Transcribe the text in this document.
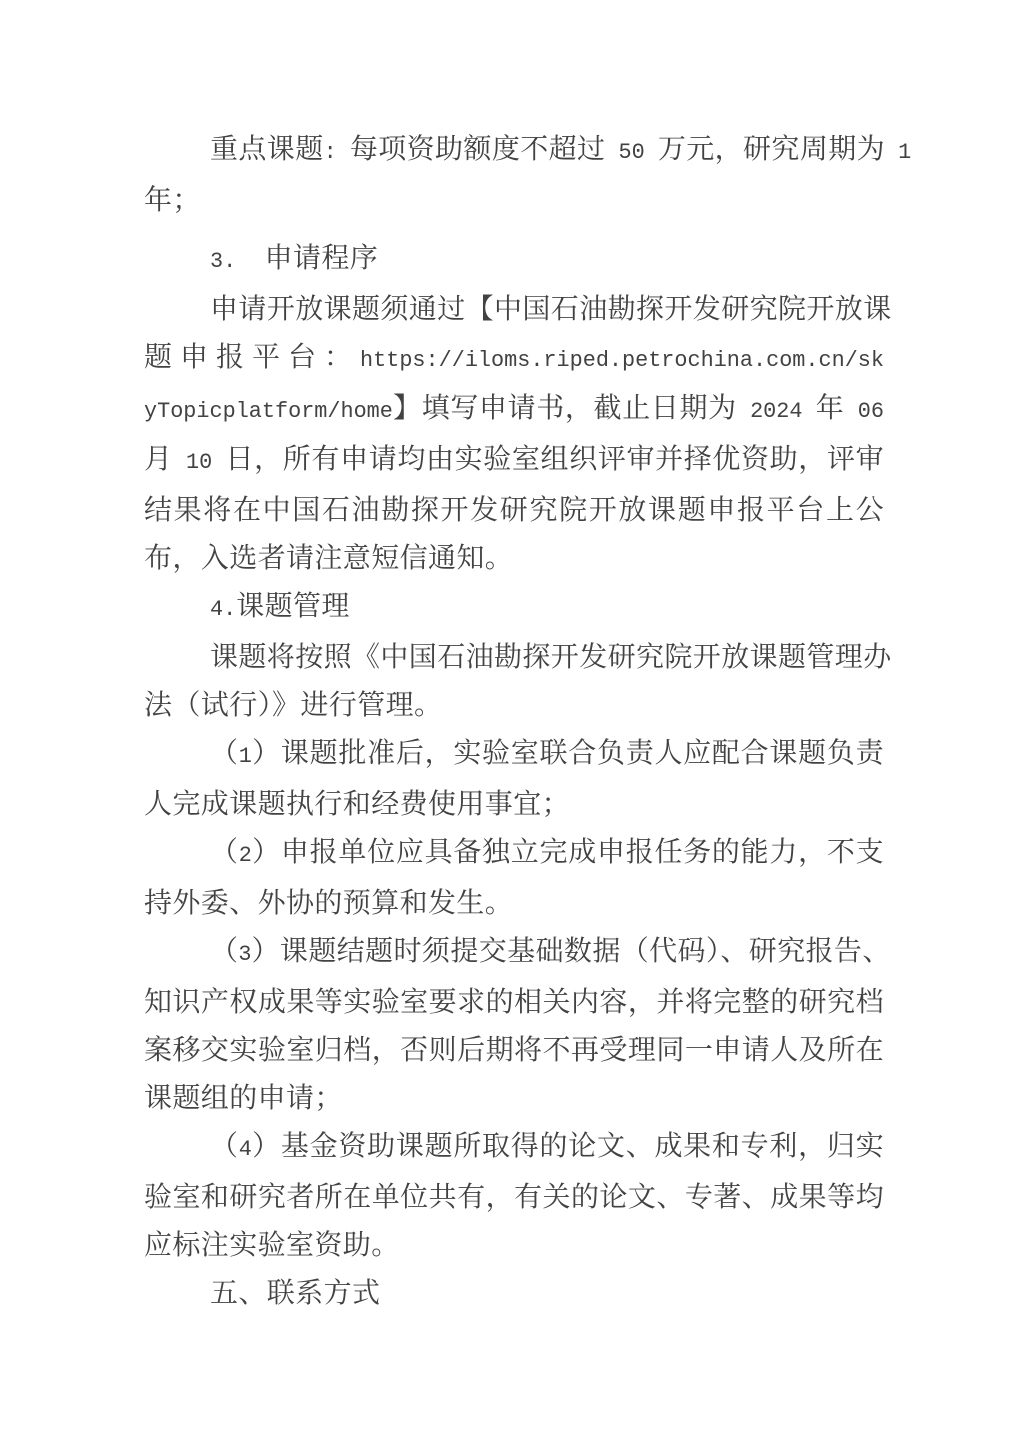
重点课题: 每项资助额度不超过 50 万元，研究周期为 1
年；
3.　申请程序
申请开放课题须通过【中国石油勘探开发研究院开放课
题申报平台：https://iloms.riped.petrochina.com.cn/sk
yTopicplatform/home】填写申请书，截止日期为 2024 年 06
月 10 日，所有申请均由实验室组织评审并择优资助，评审
结果将在中国石油勘探开发研究院开放课题申报平台上公
布，入选者请注意短信通知。
4.课题管理
课题将按照《中国石油勘探开发研究院开放课题管理办
法（试行）》进行管理。
（1）课题批准后，实验室联合负责人应配合课题负责
人完成课题执行和经费使用事宜；
（2）申报单位应具备独立完成申报任务的能力，不支
持外委、外协的预算和发生。
（3）课题结题时须提交基础数据（代码）、研究报告、
知识产权成果等实验室要求的相关内容，并将完整的研究档
案移交实验室归档，否则后期将不再受理同一申请人及所在
课题组的申请；
（4）基金资助课题所取得的论文、成果和专利，归实
验室和研究者所在单位共有，有关的论文、专著、成果等均
应标注实验室资助。
五、联系方式
